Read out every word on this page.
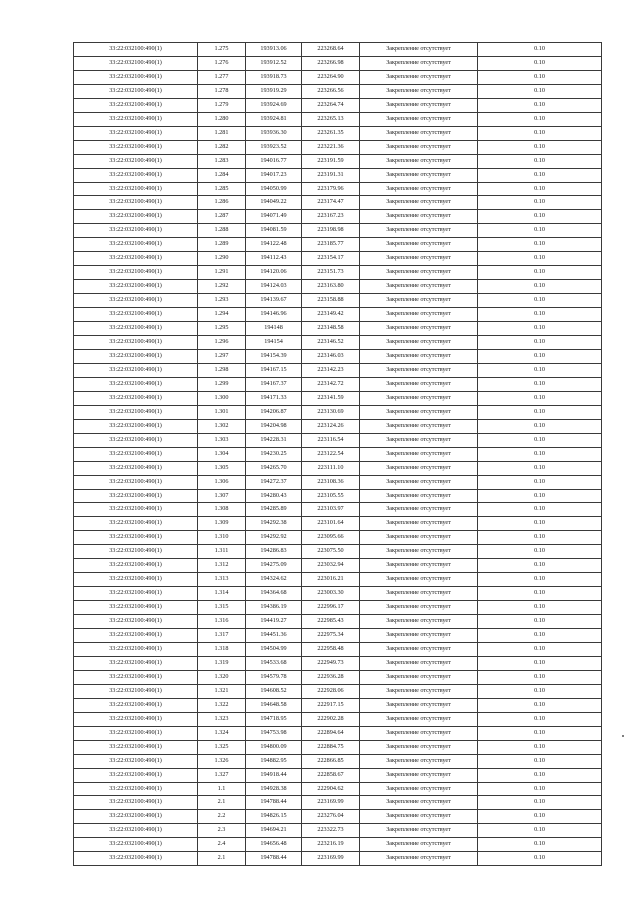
33:22:032100:490(1)	1.275	193913.06	223268.64	Закрепление отсутствует	0.10
33:22:032100:490(1)	1.276	193912.52	223266.98	Закрепление отсутствует	0.10
33:22:032100:490(1)	1.277	193918.73	223264.90	Закрепление отсутствует	0.10
33:22:032100:490(1)	1.278	193919.29	223266.56	Закрепление отсутствует	0.10
33:22:032100:490(1)	1.279	193924.69	223264.74	Закрепление отсутствует	0.10
33:22:032100:490(1)	1.280	193924.81	223265.13	Закрепление отсутствует	0.10
33:22:032100:490(1)	1.281	193936.30	223261.35	Закрепление отсутствует	0.10
33:22:032100:490(1)	1.282	193923.52	223221.36	Закрепление отсутствует	0.10
33:22:032100:490(1)	1.283	194016.77	223191.59	Закрепление отсутствует	0.10
33:22:032100:490(1)	1.284	194017.23	223191.31	Закрепление отсутствует	0.10
33:22:032100:490(1)	1.285	194050.99	223179.96	Закрепление отсутствует	0.10
33:22:032100:490(1)	1.286	194049.22	223174.47	Закрепление отсутствует	0.10
33:22:032100:490(1)	1.287	194071.49	223167.23	Закрепление отсутствует	0.10
33:22:032100:490(1)	1.288	194081.59	223198.98	Закрепление отсутствует	0.10
33:22:032100:490(1)	1.289	194122.48	223185.77	Закрепление отсутствует	0.10
33:22:032100:490(1)	1.290	194112.43	223154.17	Закрепление отсутствует	0.10
33:22:032100:490(1)	1.291	194120.06	223151.73	Закрепление отсутствует	0.10
33:22:032100:490(1)	1.292	194124.03	223163.80	Закрепление отсутствует	0.10
33:22:032100:490(1)	1.293	194139.67	223158.88	Закрепление отсутствует	0.10
33:22:032100:490(1)	1.294	194146.96	223149.42	Закрепление отсутствует	0.10
33:22:032100:490(1)	1.295	194148	223148.58	Закрепление отсутствует	0.10
33:22:032100:490(1)	1.296	194154	223146.52	Закрепление отсутствует	0.10
33:22:032100:490(1)	1.297	194154.39	223146.03	Закрепление отсутствует	0.10
33:22:032100:490(1)	1.298	194167.15	223142.23	Закрепление отсутствует	0.10
33:22:032100:490(1)	1.299	194167.37	223142.72	Закрепление отсутствует	0.10
33:22:032100:490(1)	1.300	194171.33	223141.59	Закрепление отсутствует	0.10
33:22:032100:490(1)	1.301	194206.87	223130.69	Закрепление отсутствует	0.10
33:22:032100:490(1)	1.302	194204.98	223124.26	Закрепление отсутствует	0.10
33:22:032100:490(1)	1.303	194228.31	223116.54	Закрепление отсутствует	0.10
33:22:032100:490(1)	1.304	194230.25	223122.54	Закрепление отсутствует	0.10
33:22:032100:490(1)	1.305	194265.70	223111.10	Закрепление отсутствует	0.10
33:22:032100:490(1)	1.306	194272.37	223108.36	Закрепление отсутствует	0.10
33:22:032100:490(1)	1.307	194280.43	223105.55	Закрепление отсутствует	0.10
33:22:032100:490(1)	1.308	194285.89	223103.97	Закрепление отсутствует	0.10
33:22:032100:490(1)	1.309	194292.38	223101.64	Закрепление отсутствует	0.10
33:22:032100:490(1)	1.310	194292.92	223095.66	Закрепление отсутствует	0.10
33:22:032100:490(1)	1.311	194286.83	223075.50	Закрепление отсутствует	0.10
33:22:032100:490(1)	1.312	194275.09	223032.94	Закрепление отсутствует	0.10
33:22:032100:490(1)	1.313	194324.62	223016.21	Закрепление отсутствует	0.10
33:22:032100:490(1)	1.314	194364.68	223003.30	Закрепление отсутствует	0.10
33:22:032100:490(1)	1.315	194386.19	222996.17	Закрепление отсутствует	0.10
33:22:032100:490(1)	1.316	194419.27	222985.43	Закрепление отсутствует	0.10
33:22:032100:490(1)	1.317	194451.36	222975.34	Закрепление отсутствует	0.10
33:22:032100:490(1)	1.318	194504.99	222958.48	Закрепление отсутствует	0.10
33:22:032100:490(1)	1.319	194533.68	222949.73	Закрепление отсутствует	0.10
33:22:032100:490(1)	1.320	194579.78	222936.28	Закрепление отсутствует	0.10
33:22:032100:490(1)	1.321	194608.52	222928.06	Закрепление отсутствует	0.10
33:22:032100:490(1)	1.322	194648.58	222917.15	Закрепление отсутствует	0.10
33:22:032100:490(1)	1.323	194718.95	222902.28	Закрепление отсутствует	0.10
33:22:032100:490(1)	1.324	194753.98	222894.64	Закрепление отсутствует	0.10
33:22:032100:490(1)	1.325	194800.09	222884.75	Закрепление отсутствует	0.10
33:22:032100:490(1)	1.326	194882.95	222866.85	Закрепление отсутствует	0.10
33:22:032100:490(1)	1.327	194918.44	222858.67	Закрепление отсутствует	0.10
33:22:032100:490(1)	1.1	194928.38	222904.62	Закрепление отсутствует	0.10
33:22:032100:490(1)	2.1	194788.44	223169.99	Закрепление отсутствует	0.10
33:22:032100:490(1)	2.2	194826.15	223276.04	Закрепление отсутствует	0.10
33:22:032100:490(1)	2.3	194694.21	223322.73	Закрепление отсутствует	0.10
33:22:032100:490(1)	2.4	194656.48	223216.19	Закрепление отсутствует	0.10
33:22:032100:490(1)	2.1	194788.44	223169.99	Закрепление отсутствует	0.10
